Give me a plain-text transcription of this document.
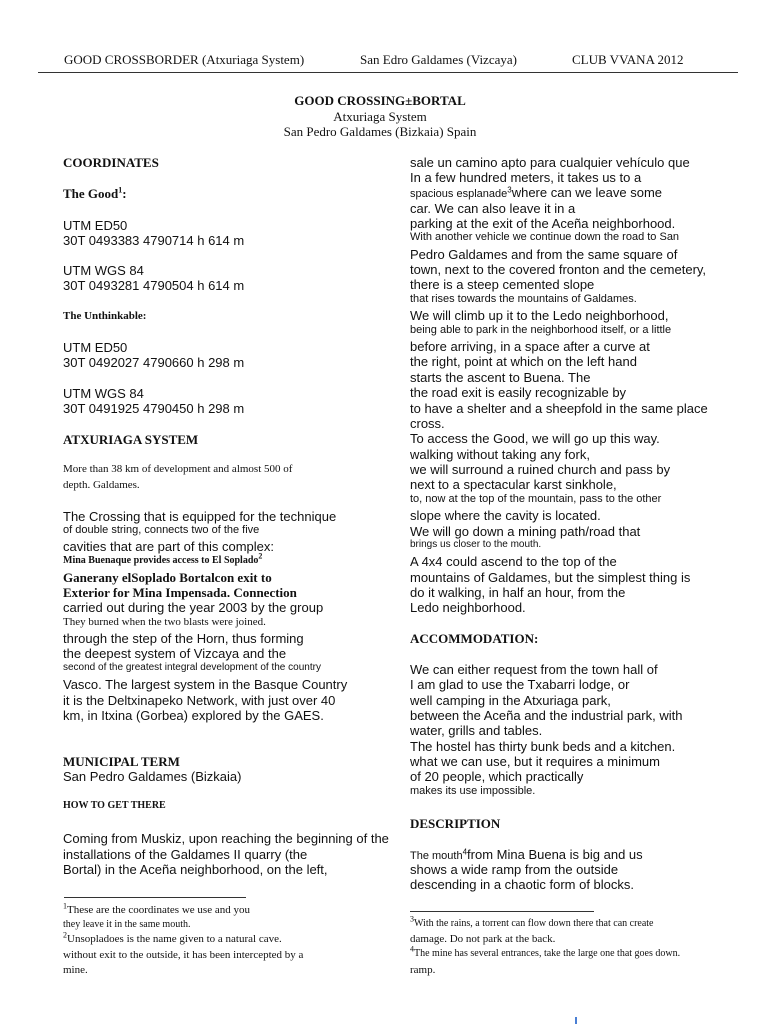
GOOD CROSSBORDER (Atxuriaga System)	San Edro Galdames (Vizcaya)	CLUB VVANA 2012
GOOD CROSSING±BORTAL
Atxuriaga System
San Pedro Galdames (Bizkaia) Spain
COORDINATES
The Good$^1$:
UTM ED50
30T 0493383 4790714 h 614 m
UTM WGS 84
30T 0493281 4790504 h 614 m
The Unthinkable:
UTM ED50
30T 0492027 4790660 h 298 m
UTM WGS 84
30T 0491925 4790450 h 298 m
ATXURIAGA SYSTEM
More than 38 km of development and almost 500 of
depth. Galdames.
The Crossing that is equipped for the technique
of double string, connects two of the five
cavities that are part of this complex:
Mina Buenaque provides access to El Soplado$^2$
Ganerany elSoplado Bortalcon exit to
Exterior for Mina Impensada. Connection
carried out during the year 2003 by the group
They burned when the two blasts were joined.
through the step of the Horn, thus forming
the deepest system of Vizcaya and the
second of the greatest integral development of the country
Vasco. The largest system in the Basque Country
it is the Deltxinapeko Network, with just over 40
km, in Itxina (Gorbea) explored by the GAES.
MUNICIPAL TERM
San Pedro Galdames (Bizkaia)
HOW TO GET THERE
Coming from Muskiz, upon reaching the beginning of the
installations of the Galdames II quarry (the
Bortal) in the Aceña neighborhood, on the left,
$^1$These are the coordinates we use and you
they leave it in the same mouth.
$^2$Unsopladoes is the name given to a natural cave.
without exit to the outside, it has been intercepted by a
mine.
sale un camino apto para cualquier vehículo que
In a few hundred meters, it takes us to a
spacious esplanade$^3$where can we leave some
car. We can also leave it in a
parking at the exit of the Aceña neighborhood.
With another vehicle we continue down the road to San
Pedro Galdames and from the same square of
town, next to the covered fronton and the cemetery,
there is a steep cemented slope
that rises towards the mountains of Galdames.
We will climb up it to the Ledo neighborhood,
being able to park in the neighborhood itself, or a little
before arriving, in a space after a curve at
the right, point at which on the left hand
starts the ascent to Buena. The
the road exit is easily recognizable by
to have a shelter and a sheepfold in the same place
cross.
To access the Good, we will go up this way.
walking without taking any fork,
we will surround a ruined church and pass by
next to a spectacular karst sinkhole,
to, now at the top of the mountain, pass to the other
slope where the cavity is located.
We will go down a mining path/road that
brings us closer to the mouth.
A 4x4 could ascend to the top of the
mountains of Galdames, but the simplest thing is
do it walking, in half an hour, from the
Ledo neighborhood.
ACCOMMODATION:
We can either request from the town hall of
I am glad to use the Txabarri lodge, or
well camping in the Atxuriaga park,
between the Aceña and the industrial park, with
water, grills and tables.
The hostel has thirty bunk beds and a kitchen.
what we can use, but it requires a minimum
of 20 people, which practically
makes its use impossible.
DESCRIPTION
The mouth$^4$from Mina Buena is big and us
shows a wide ramp from the outside
descending in a chaotic form of blocks.
$^3$With the rains, a torrent can flow down there that can create
damage. Do not park at the back.
$^4$The mine has several entrances, take the large one that goes down.
ramp.
